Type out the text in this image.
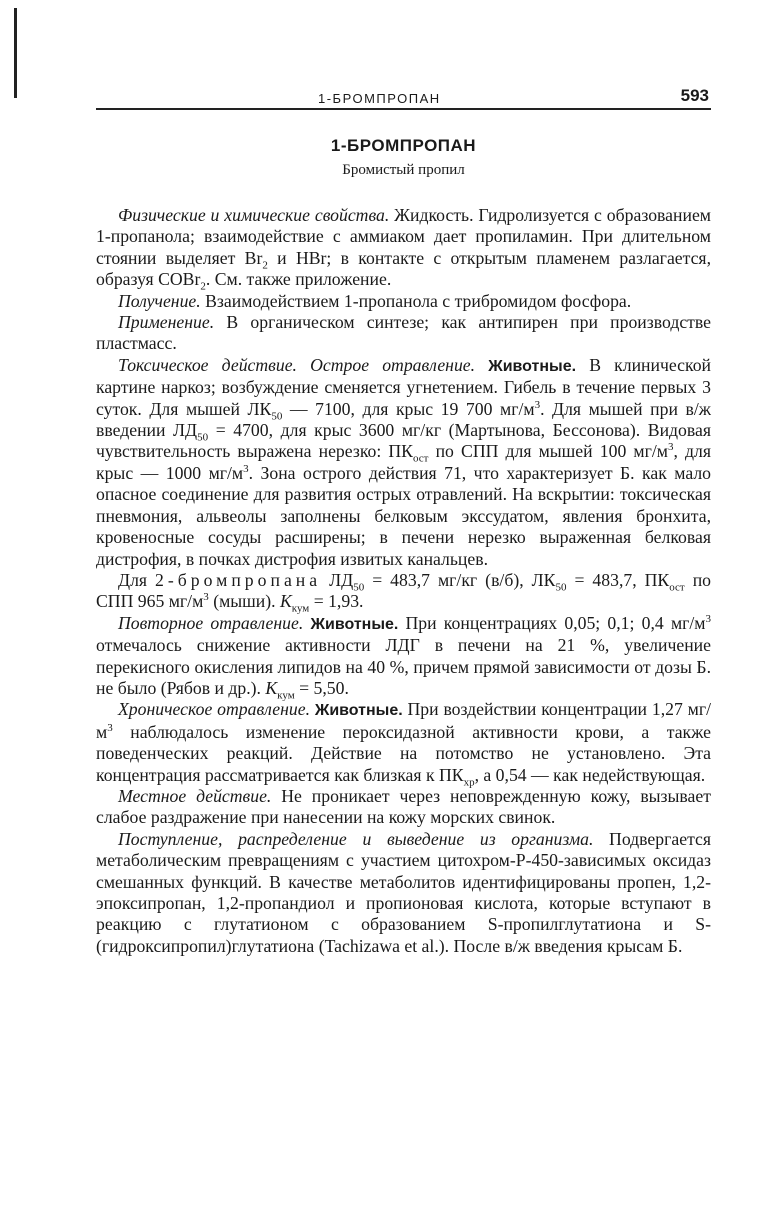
1-БРОМПРОПАН	593
1-БРОМПРОПАН
Бромистый пропил

Физические и химические свойства. Жидкость. Гидролизуется с образованием 1-пропанола; взаимодействие с аммиаком дает пропиламин. При длительном стоянии выделяет $Br_2$ и HBr; в контакте с открытым пламенем разлагается, образуя COBr$_2$. См. также приложение.

Получение. Взаимодействием 1-пропанола с трибромидом фосфора.

Применение. В органическом синтезе; как антипирен при производстве пластмасс.

Токсическое действие. Острое отравление. Животные. В клинической картине наркоз; возбуждение сменяется угнетением. Гибель в течение первых 3 суток. Для мышей $ЛК_{50}$ — 7100, для крыс 19 700 $мг/м^3$. Для мышей при в/ж введении $ЛД_{50} = 4700$, для крыс 3600 мг/кг (Мартынова, Бессонова). Видовая чувствительность выражена нерезко: $ПК_{ост}$ по СПП для мышей 100 $мг/м^3$, для крыс — 1000 $мг/м^3$. Зона острого действия 71, что характеризует Б. как мало опасное соединение для развития острых отравлений. На вскрытии: токсическая пневмония, альвеолы заполнены белковым экссудатом, явления бронхита, кровеносные сосуды расширены; в печени нерезко выраженная белковая дистрофия, в почках дистрофия извитых канальцев.

Для 2-бромпропана $ЛД_{50} = 483,7$ мг/кг (в/б), $ЛК_{50} = 483,7$, $ПК_{ост}$ по СПП 965 $мг/м^3$ (мыши). $К_{кум} = 1,93$.

Повторное отравление. Животные. При концентрациях 0,05; 0,1; 0,4 $мг/м^3$ отмечалось снижение активности ЛДГ в печени на 21 %, увеличение перекисного окисления липидов на 40 %, причем прямой зависимости от дозы Б. не было (Рябов и др.). $К_{кум} = 5,50$.

Хроническое отравление. Животные. При воздействии концентрации 1,27 $мг/м^3$ наблюдалось изменение пероксидазной активности крови, а также поведенческих реакций. Действие на потомство не установлено. Эта концентрация рассматривается как близкая к $ПК_{хр}$, а 0,54 — как недействующая.

Местное действие. Не проникает через неповрежденную кожу, вызывает слабое раздражение при нанесении на кожу морских свинок.

Поступление, распределение и выведение из организма. Подвергается метаболическим превращениям с участием цитохром-Р-450-зависимых оксидаз смешанных функций. В качестве метаболитов идентифицированы пропен, 1,2-эпоксипропан, 1,2-пропандиол и пропионовая кислота, которые вступают в реакцию с глутатионом с образованием S-пропилглутатиона и S-(гидроксипропил)глутатиона (Tachizawa et al.). После в/ж введения крысам Б.
